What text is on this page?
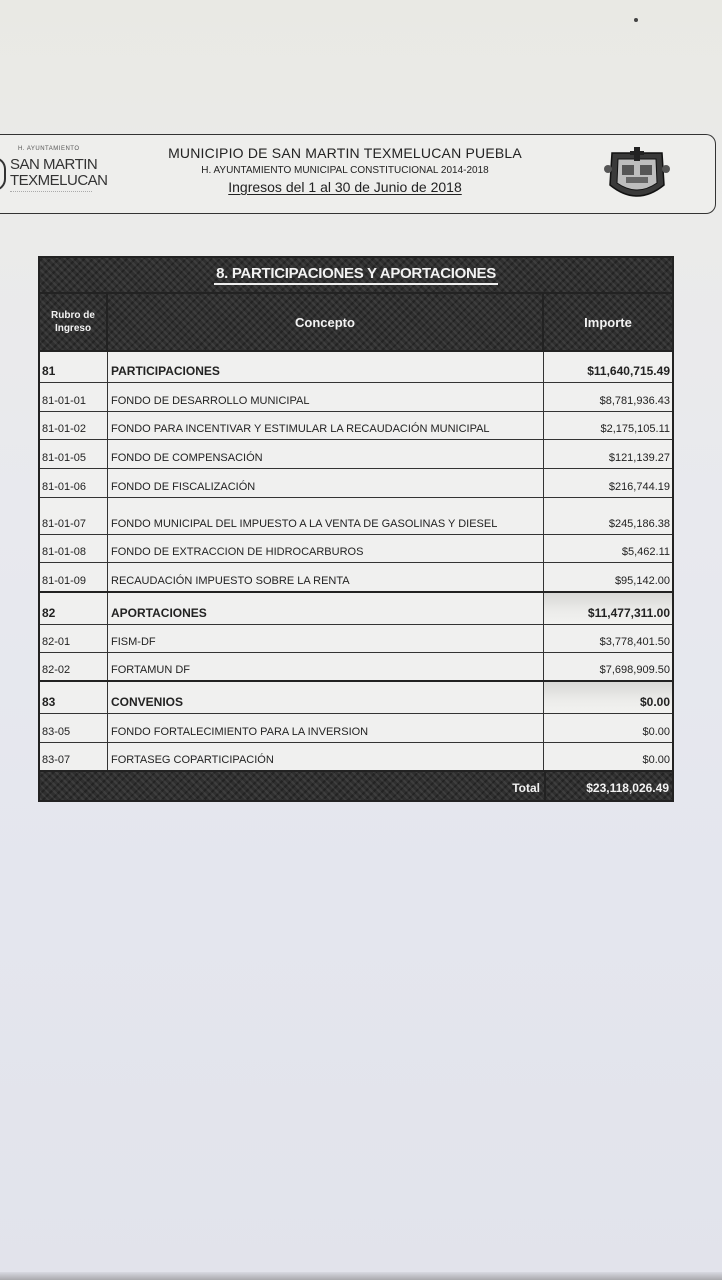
H. AYUNTAMIENTO
SAN MARTIN
TEXMELUCAN
MUNICIPIO DE SAN MARTIN TEXMELUCAN PUEBLA
H. AYUNTAMIENTO MUNICIPAL CONSTITUCIONAL 2014-2018
Ingresos del 1 al 30 de Junio de 2018
8. PARTICIPACIONES Y APORTACIONES
Rubro de Ingreso	Concepto	Importe
81	PARTICIPACIONES	$11,640,715.49
81-01-01	FONDO DE DESARROLLO MUNICIPAL	$8,781,936.43
81-01-02	FONDO PARA INCENTIVAR Y ESTIMULAR LA RECAUDACIÓN MUNICIPAL	$2,175,105.11
81-01-05	FONDO DE COMPENSACIÓN	$121,139.27
81-01-06	FONDO DE FISCALIZACIÓN	$216,744.19
81-01-07	FONDO MUNICIPAL DEL IMPUESTO A LA VENTA DE GASOLINAS Y DIESEL	$245,186.38
81-01-08	FONDO DE EXTRACCION DE HIDROCARBUROS	$5,462.11
81-01-09	RECAUDACIÓN IMPUESTO SOBRE LA RENTA	$95,142.00
82	APORTACIONES	$11,477,311.00
82-01	FISM-DF	$3,778,401.50
82-02	FORTAMUN DF	$7,698,909.50
83	CONVENIOS	$0.00
83-05	FONDO FORTALECIMIENTO PARA LA INVERSION	$0.00
83-07	FORTASEG COPARTICIPACIÓN	$0.00
Total	$23,118,026.49
